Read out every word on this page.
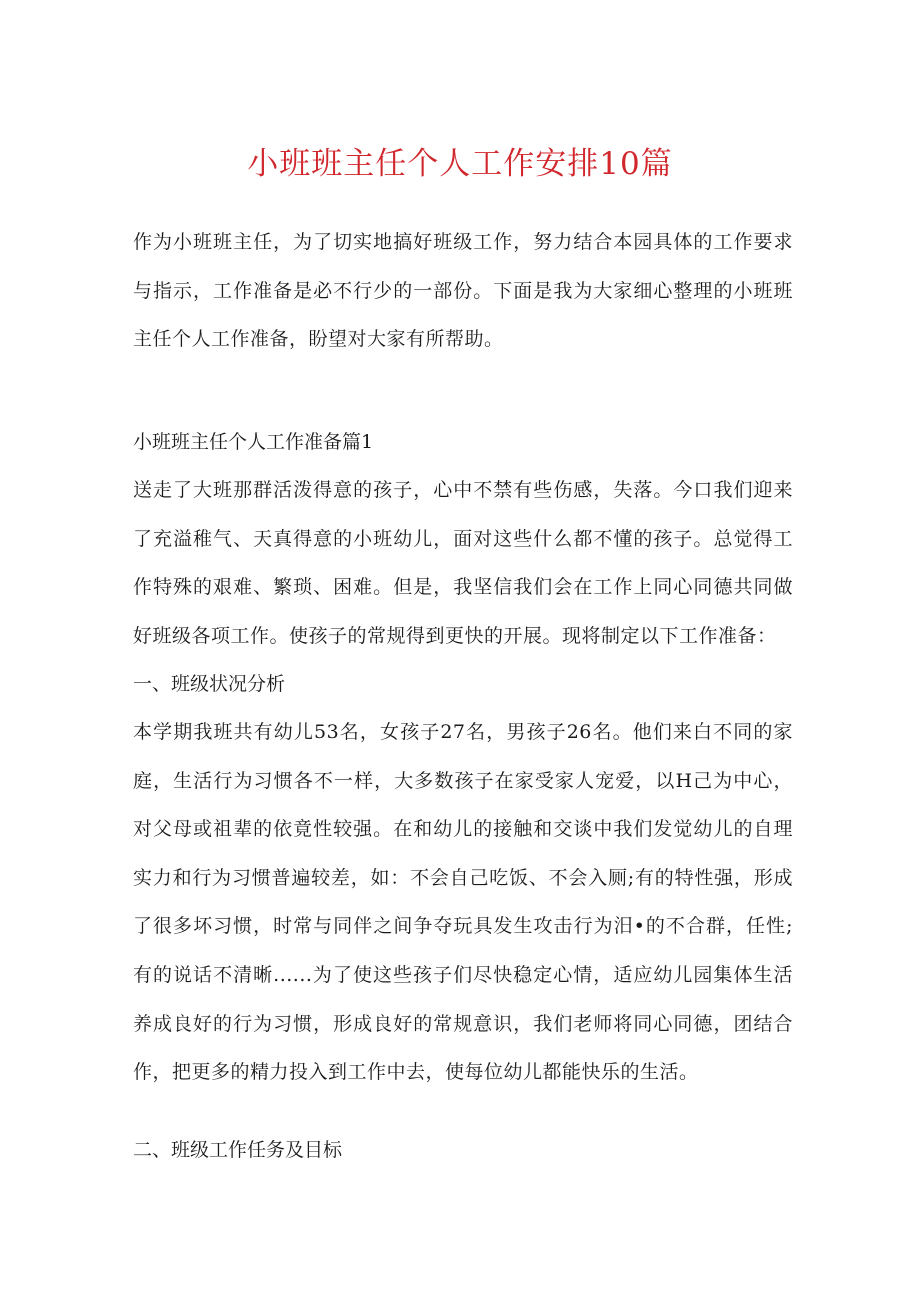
小班班主任个人工作安排10篇
作为小班班主任，为了切实地搞好班级工作，努力结合本园具体的工作要求与指示，工作准备是必不行少的一部份。下面是我为大家细心整理的小班班主任个人工作准备，盼望对大家有所帮助。
小班班主任个人工作准备篇1
送走了大班那群活泼得意的孩子，心中不禁有些伤感，失落。今口我们迎来了充溢稚气、天真得意的小班幼儿，面对这些什么都不懂的孩子。总觉得工作特殊的艰难、繁琐、困难。但是，我坚信我们会在工作上同心同德共同做好班级各项工作。使孩子的常规得到更快的开展。现将制定以下工作准备：
一、班级状况分析
本学期我班共有幼儿53名，女孩子27名，男孩子26名。他们来白不同的家庭，生活行为习惯各不一样，大多数孩子在家受家人宠爱，以H己为中心，对父母或祖辈的依竟性较强。在和幼儿的接触和交谈中我们发觉幼儿的自理实力和行为习惯普遍较差，如：不会自己吃饭、不会入厕;有的特性强，形成了很多坏习惯，时常与同伴之间争夺玩具发生攻击行为汨•的不合群，任性;有的说话不清晰......为了使这些孩子们尽快稳定心情，适应幼儿园集体生活养成良好的行为习惯，形成良好的常规意识，我们老师将同心同德，团结合作，把更多的精力投入到工作中去，使每位幼儿都能快乐的生活。
二、班级工作任务及目标
